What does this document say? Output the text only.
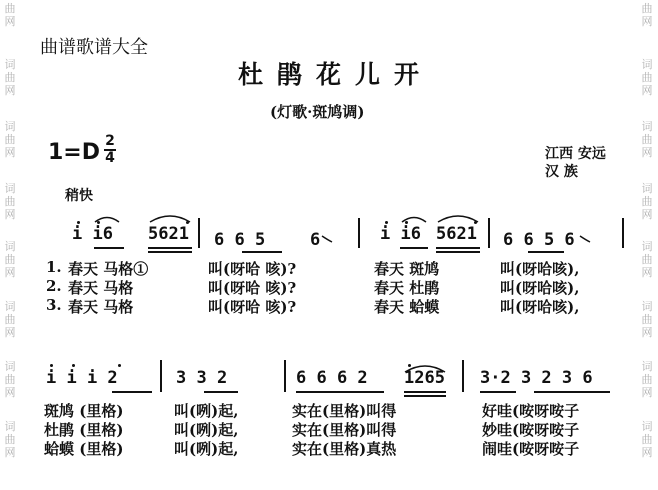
曲
网
词
曲
网
词
曲
网
词
曲
网
词
曲
网
词
曲
网
词
曲
网
词
曲
网
曲
网
词
曲
网
词
曲
网
词
曲
网
词
曲
网
词
曲
网
词
曲
网
词
曲
网
曲谱歌谱大全
杜鹃花儿开
(灯歌·斑鸠调)
1=D 2
4	江西 安远
汉 族
稍快
i i6 5621 6 6 5	6	i i6 5621 6 6 5 6
1. 春天 马格①	叫(呀哈 咳)?	春天 斑鸠	叫(呀哈咳),
2. 春天 马格	叫(呀哈 咳)?	春天 杜鹃	叫(呀哈咳),
3. 春天 马格	叫(呀哈 咳)?	春天 蛤蟆	叫(呀哈咳),
i i i 2	3 3 2	6 6 6 2 1265 3·2 3 2 3 6
斑鸠 (里格)	叫(咧)起,	实在(里格)叫得	好哇(咹呀咹子
杜鹃 (里格)	叫(咧)起,	实在(里格)叫得	妙哇(咹呀咹子
蛤蟆 (里格)	叫(咧)起,	实在(里格)真热	闹哇(咹呀咹子
